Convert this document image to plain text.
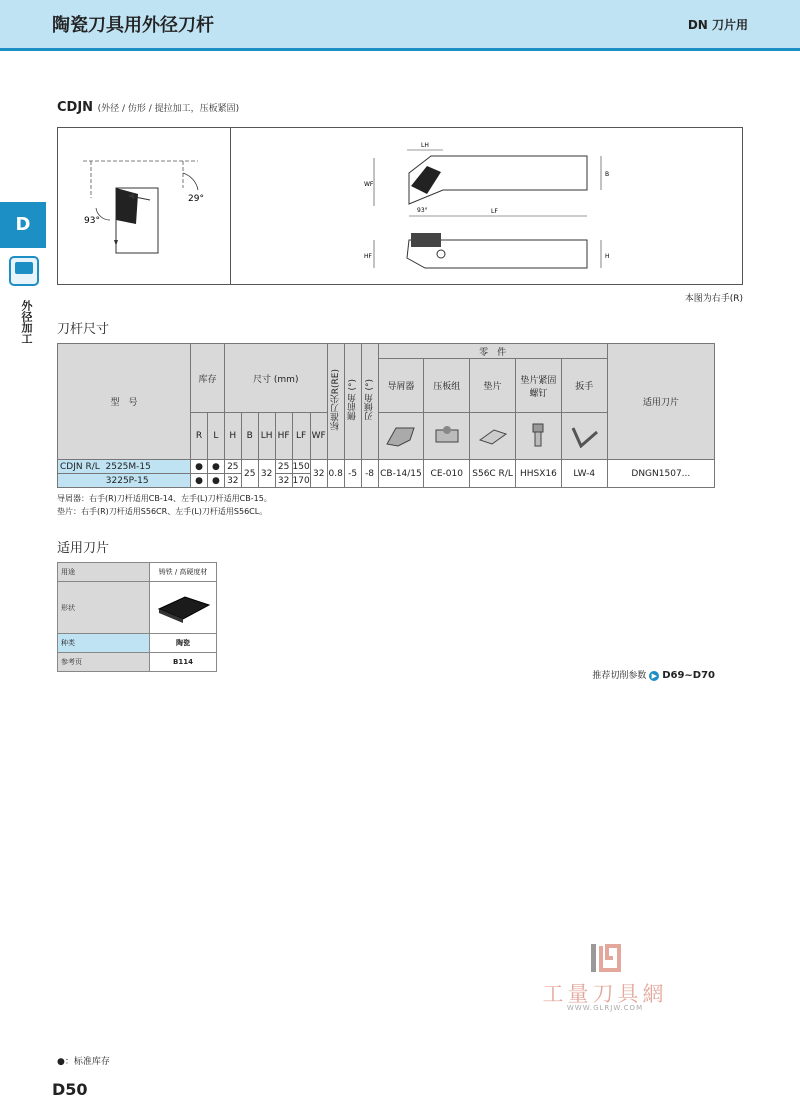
陶瓷刀具用外径刀杆	DN 刀片用
D
外径加工
CDJN (外径 / 仿形 / 提拉加工，压板紧固)
29°
93°
LH
WF
LF
93°
B
HF	H
本图为右手(R)
刀杆尺寸
型　号	库存		尺寸 (mm)						标准刀尖R(RE)	侧前角 (°)	刃倾角 (°)	零　件					适用刀片
												导屑器	压板组	垫片	垫片紧固螺钉	扳手	
	R	L	H	B	LH	HF	LF	WF					
CDJN R/L 2525M-15	●	●	25	25	32	25	150	32	0.8	-5	-8	CB-14/15	CE-010	S56C R/L	HHSX16	LW-4	DNGN1507...
3225P-15	●	●	32			32	170										
导屑器：右手(R)刀杆适用CB-14、左手(L)刀杆适用CB-15。
垫片：右手(R)刀杆适用S56CR、左手(L)刀杆适用S56CL。
适用刀片
用途	铸铁 / 高硬度材
形状	
种类	陶瓷
参考页	B114
推荐切削参数 ▶ D69~D70
工量刀具網
WWW.GLRJW.COM
●：标准库存
D50
